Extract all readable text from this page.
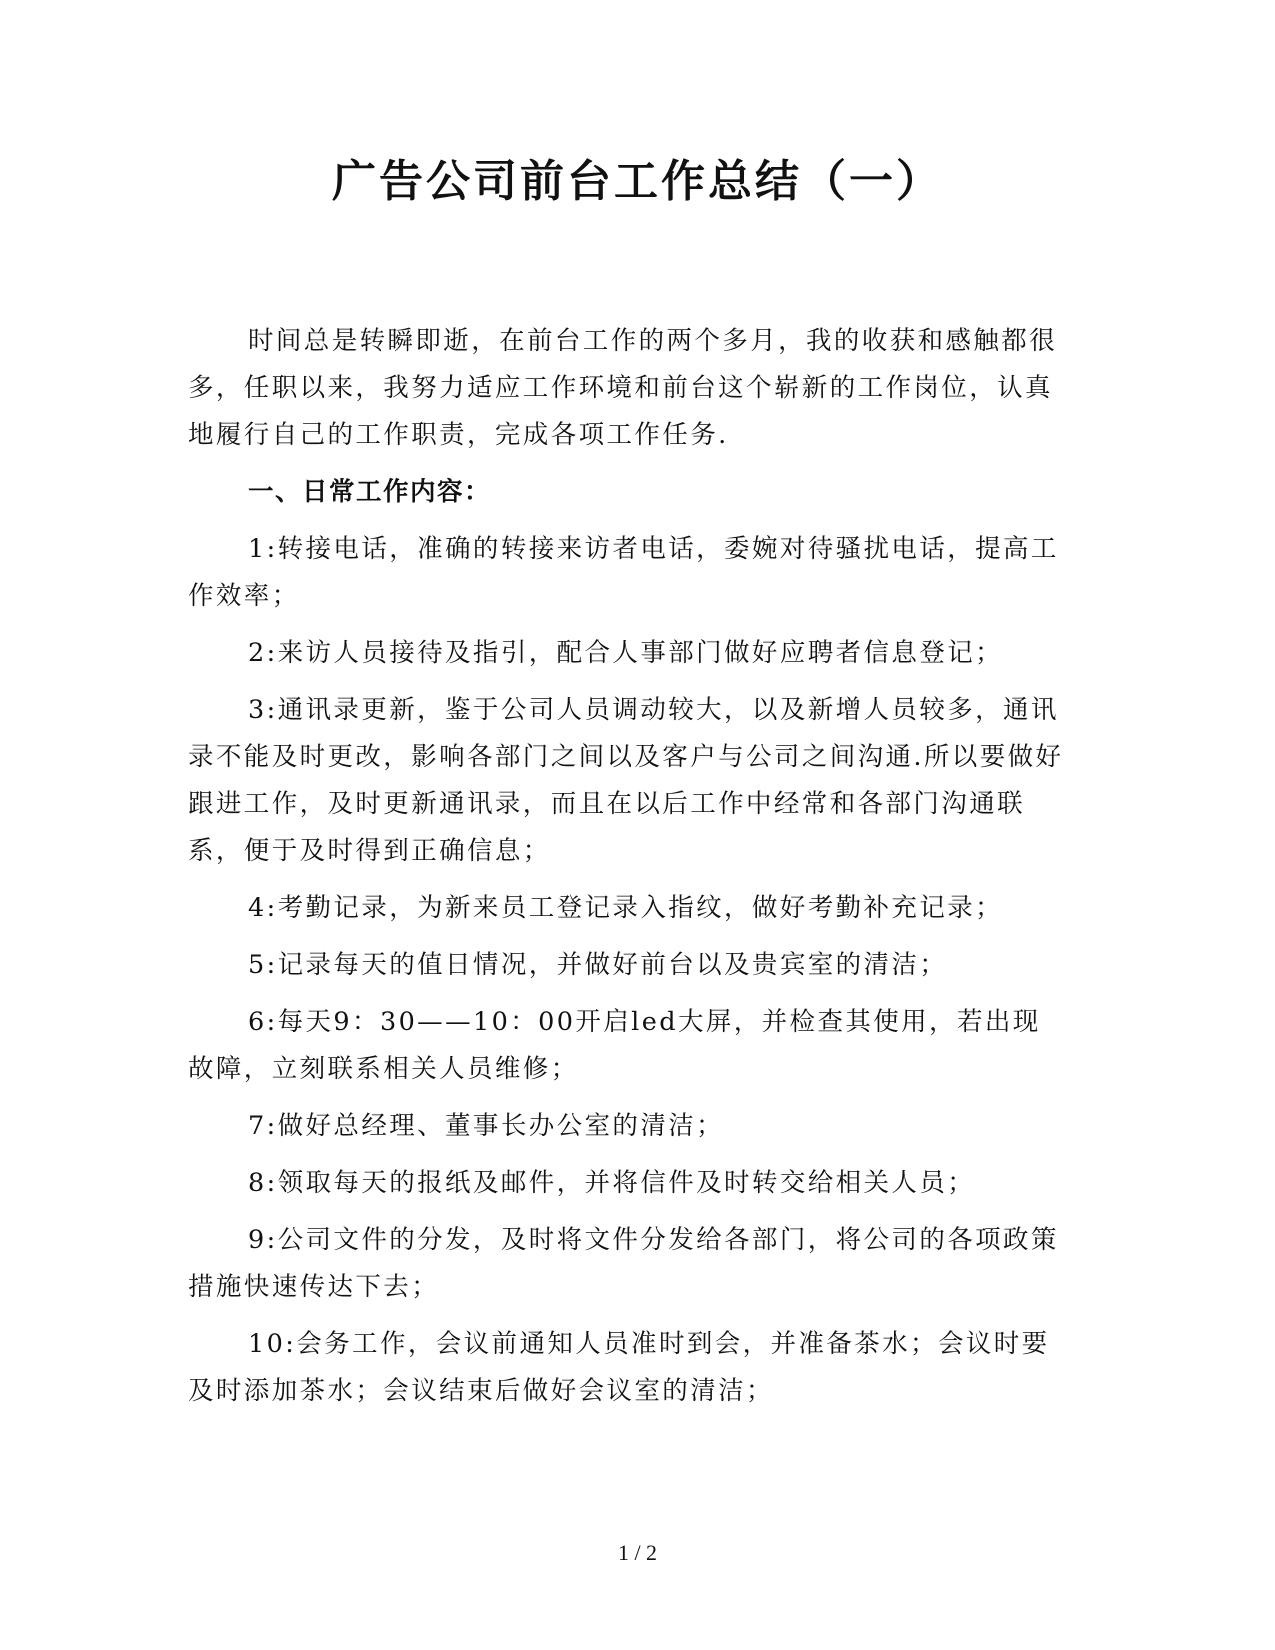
广告公司前台工作总结（一）

时间总是转瞬即逝，在前台工作的两个多月，我的收获和感触都很多，任职以来，我努力适应工作环境和前台这个崭新的工作岗位，认真地履行自己的工作职责，完成各项工作任务.

一、日常工作内容：

1:转接电话，准确的转接来访者电话，委婉对待骚扰电话，提高工作效率；

2:来访人员接待及指引，配合人事部门做好应聘者信息登记；

3:通讯录更新，鉴于公司人员调动较大，以及新增人员较多，通讯录不能及时更改，影响各部门之间以及客户与公司之间沟通.所以要做好跟进工作，及时更新通讯录，而且在以后工作中经常和各部门沟通联系，便于及时得到正确信息；

4:考勤记录，为新来员工登记录入指纹，做好考勤补充记录；

5:记录每天的值日情况，并做好前台以及贵宾室的清洁；

6:每天9：30——10：00开启led大屏，并检查其使用，若出现故障，立刻联系相关人员维修；

7:做好总经理、董事长办公室的清洁；

8:领取每天的报纸及邮件，并将信件及时转交给相关人员；

9:公司文件的分发，及时将文件分发给各部门，将公司的各项政策措施快速传达下去；

10:会务工作，会议前通知人员准时到会，并准备茶水；会议时要及时添加茶水；会议结束后做好会议室的清洁；

1 / 2
